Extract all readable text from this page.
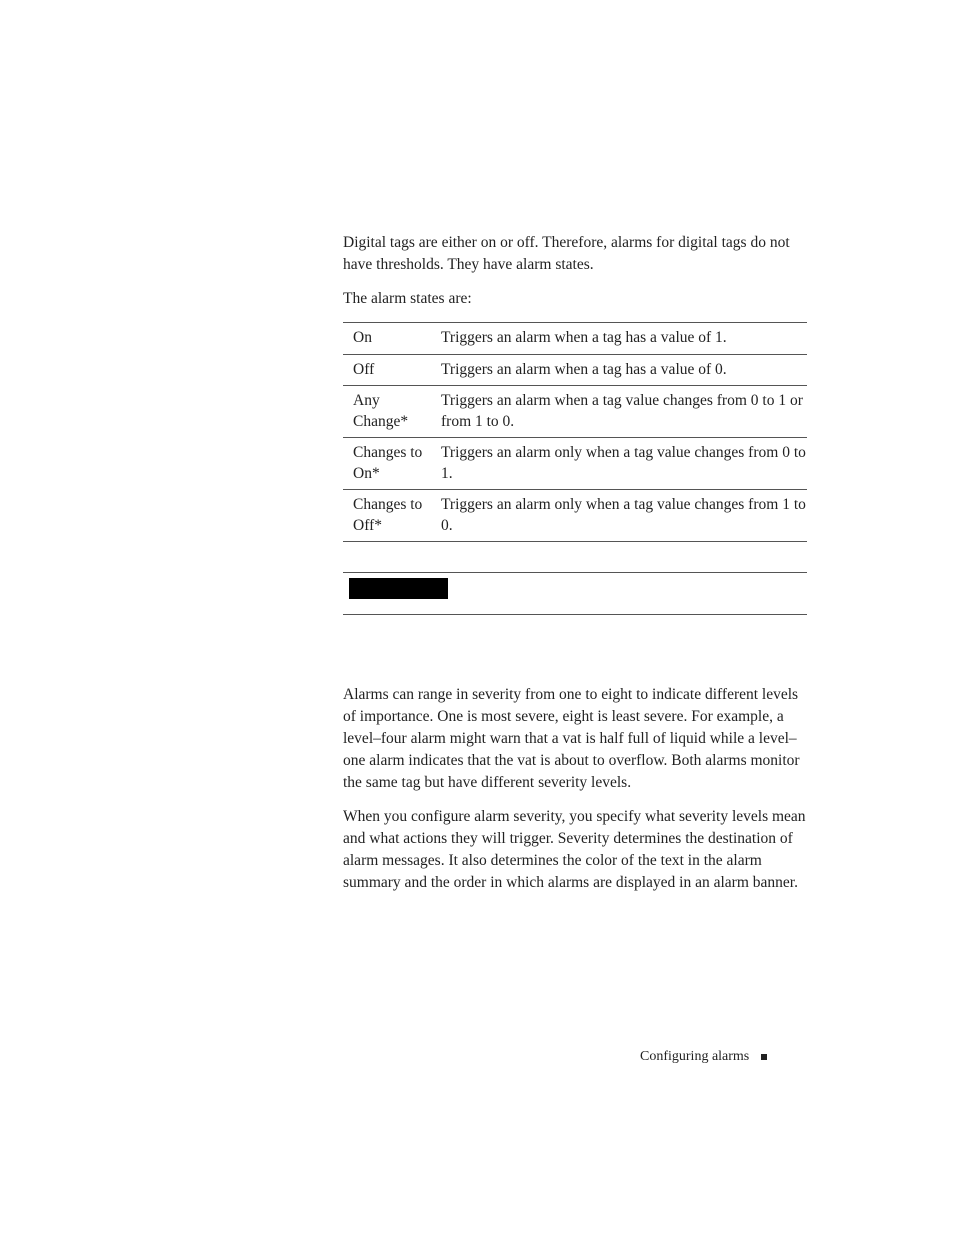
Digital tags are either on or off. Therefore, alarms for digital tags do not have thresholds. They have alarm states.

The alarm states are:

On	Triggers an alarm when a tag has a value of 1.
Off	Triggers an alarm when a tag has a value of 0.
Any Change*	Triggers an alarm when a tag value changes from 0 to 1 or from 1 to 0.
Changes to On*	Triggers an alarm only when a tag value changes from 0 to 1.
Changes to Off*	Triggers an alarm only when a tag value changes from 1 to 0.

Alarms can range in severity from one to eight to indicate different levels of importance. One is most severe, eight is least severe. For example, a level–four alarm might warn that a vat is half full of liquid while a level–one alarm indicates that the vat is about to overflow. Both alarms monitor the same tag but have different severity levels.

When you configure alarm severity, you specify what severity levels mean and what actions they will trigger. Severity determines the destination of alarm messages. It also determines the color of the text in the alarm summary and the order in which alarms are displayed in an alarm banner.

Configuring alarms
